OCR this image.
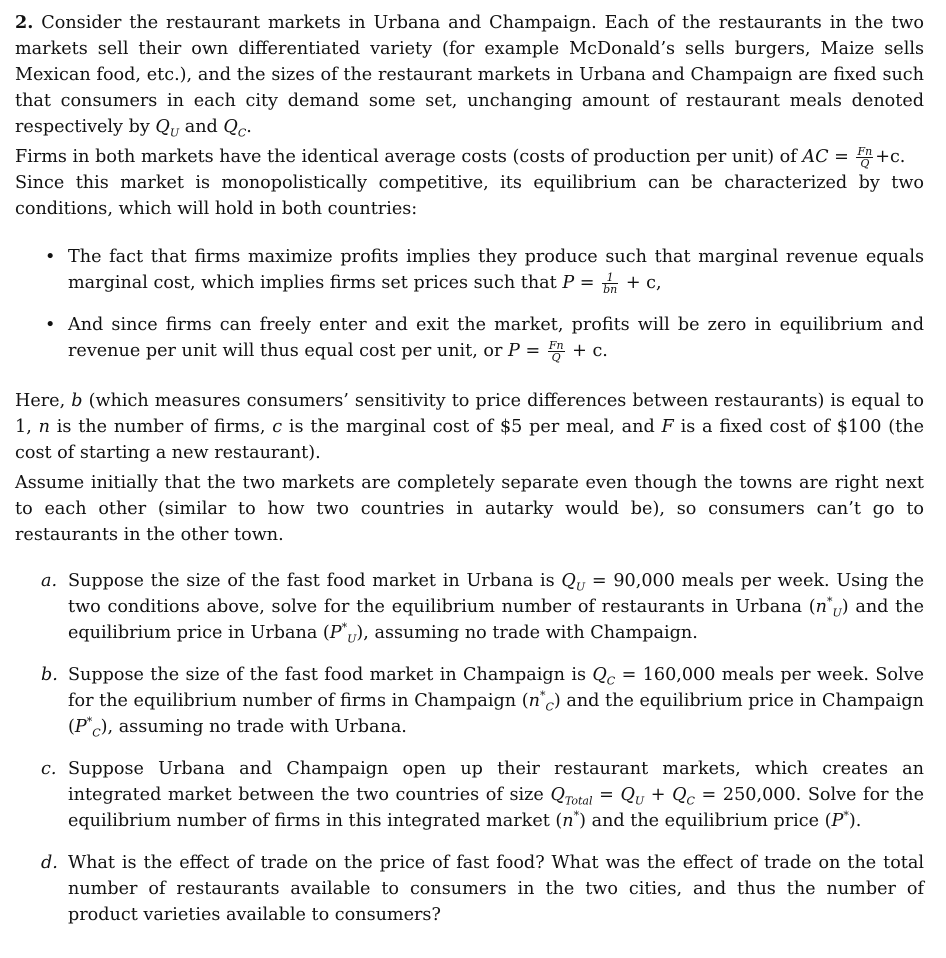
2. Consider the restaurant markets in Urbana and Champaign. Each of the restaurants in the two markets sell their own differentiated variety (for example McDonald’s sells burgers, Maize sells Mexican food, etc.), and the sizes of the restaurant markets in Urbana and Champaign are fixed such that consumers in each city demand some set, unchanging amount of restaurant meals denoted respectively by $Q_U$ and $Q_C$.

Firms in both markets have the identical average costs (costs of production per unit) of AC = $\frac{Fn}{Q} +c$.
Since this market is monopolistically competitive, its equilibrium can be characterized by two conditions, which will hold in both countries:

• The fact that firms maximize profits implies they produce such that marginal revenue equals marginal cost, which implies firms set prices such that $P = \frac{1}{bn} + c$,
• And since firms can freely enter and exit the market, profits will be zero in equilibrium and revenue per unit will thus equal cost per unit, or $P = \frac{Fn}{Q} + c$.

Here, b (which measures consumers’ sensitivity to price differences between restaurants) is equal to 1, n is the number of firms, c is the marginal cost of $5 per meal, and F is a fixed cost of $100 (the cost of starting a new restaurant).

Assume initially that the two markets are completely separate even though the towns are right next to each other (similar to how two countries in autarky would be), so consumers can’t go to restaurants in the other town.

a. Suppose the size of the fast food market in Urbana is $Q_U = 90,000$ meals per week. Using the two conditions above, solve for the equilibrium number of restaurants in Urbana $(n^*_U)$ and the equilibrium price in Urbana $(P^*_U)$, assuming no trade with Champaign.
b. Suppose the size of the fast food market in Champaign is $Q_C = 160,000$ meals per week. Solve for the equilibrium number of firms in Champaign $(n^*_C)$ and the equilibrium price in Champaign $(P^*_C)$, assuming no trade with Urbana.
c. Suppose Urbana and Champaign open up their restaurant markets, which creates an integrated market between the two countries of size $Q_{Total} = Q_U + Q_C = 250,000$. Solve for the equilibrium number of firms in this integrated market (n*) and the equilibrium price (P*).
d. What is the effect of trade on the price of fast food? What was the effect of trade on the total number of restaurants available to consumers in the two cities, and thus the number of product varieties available to consumers?
